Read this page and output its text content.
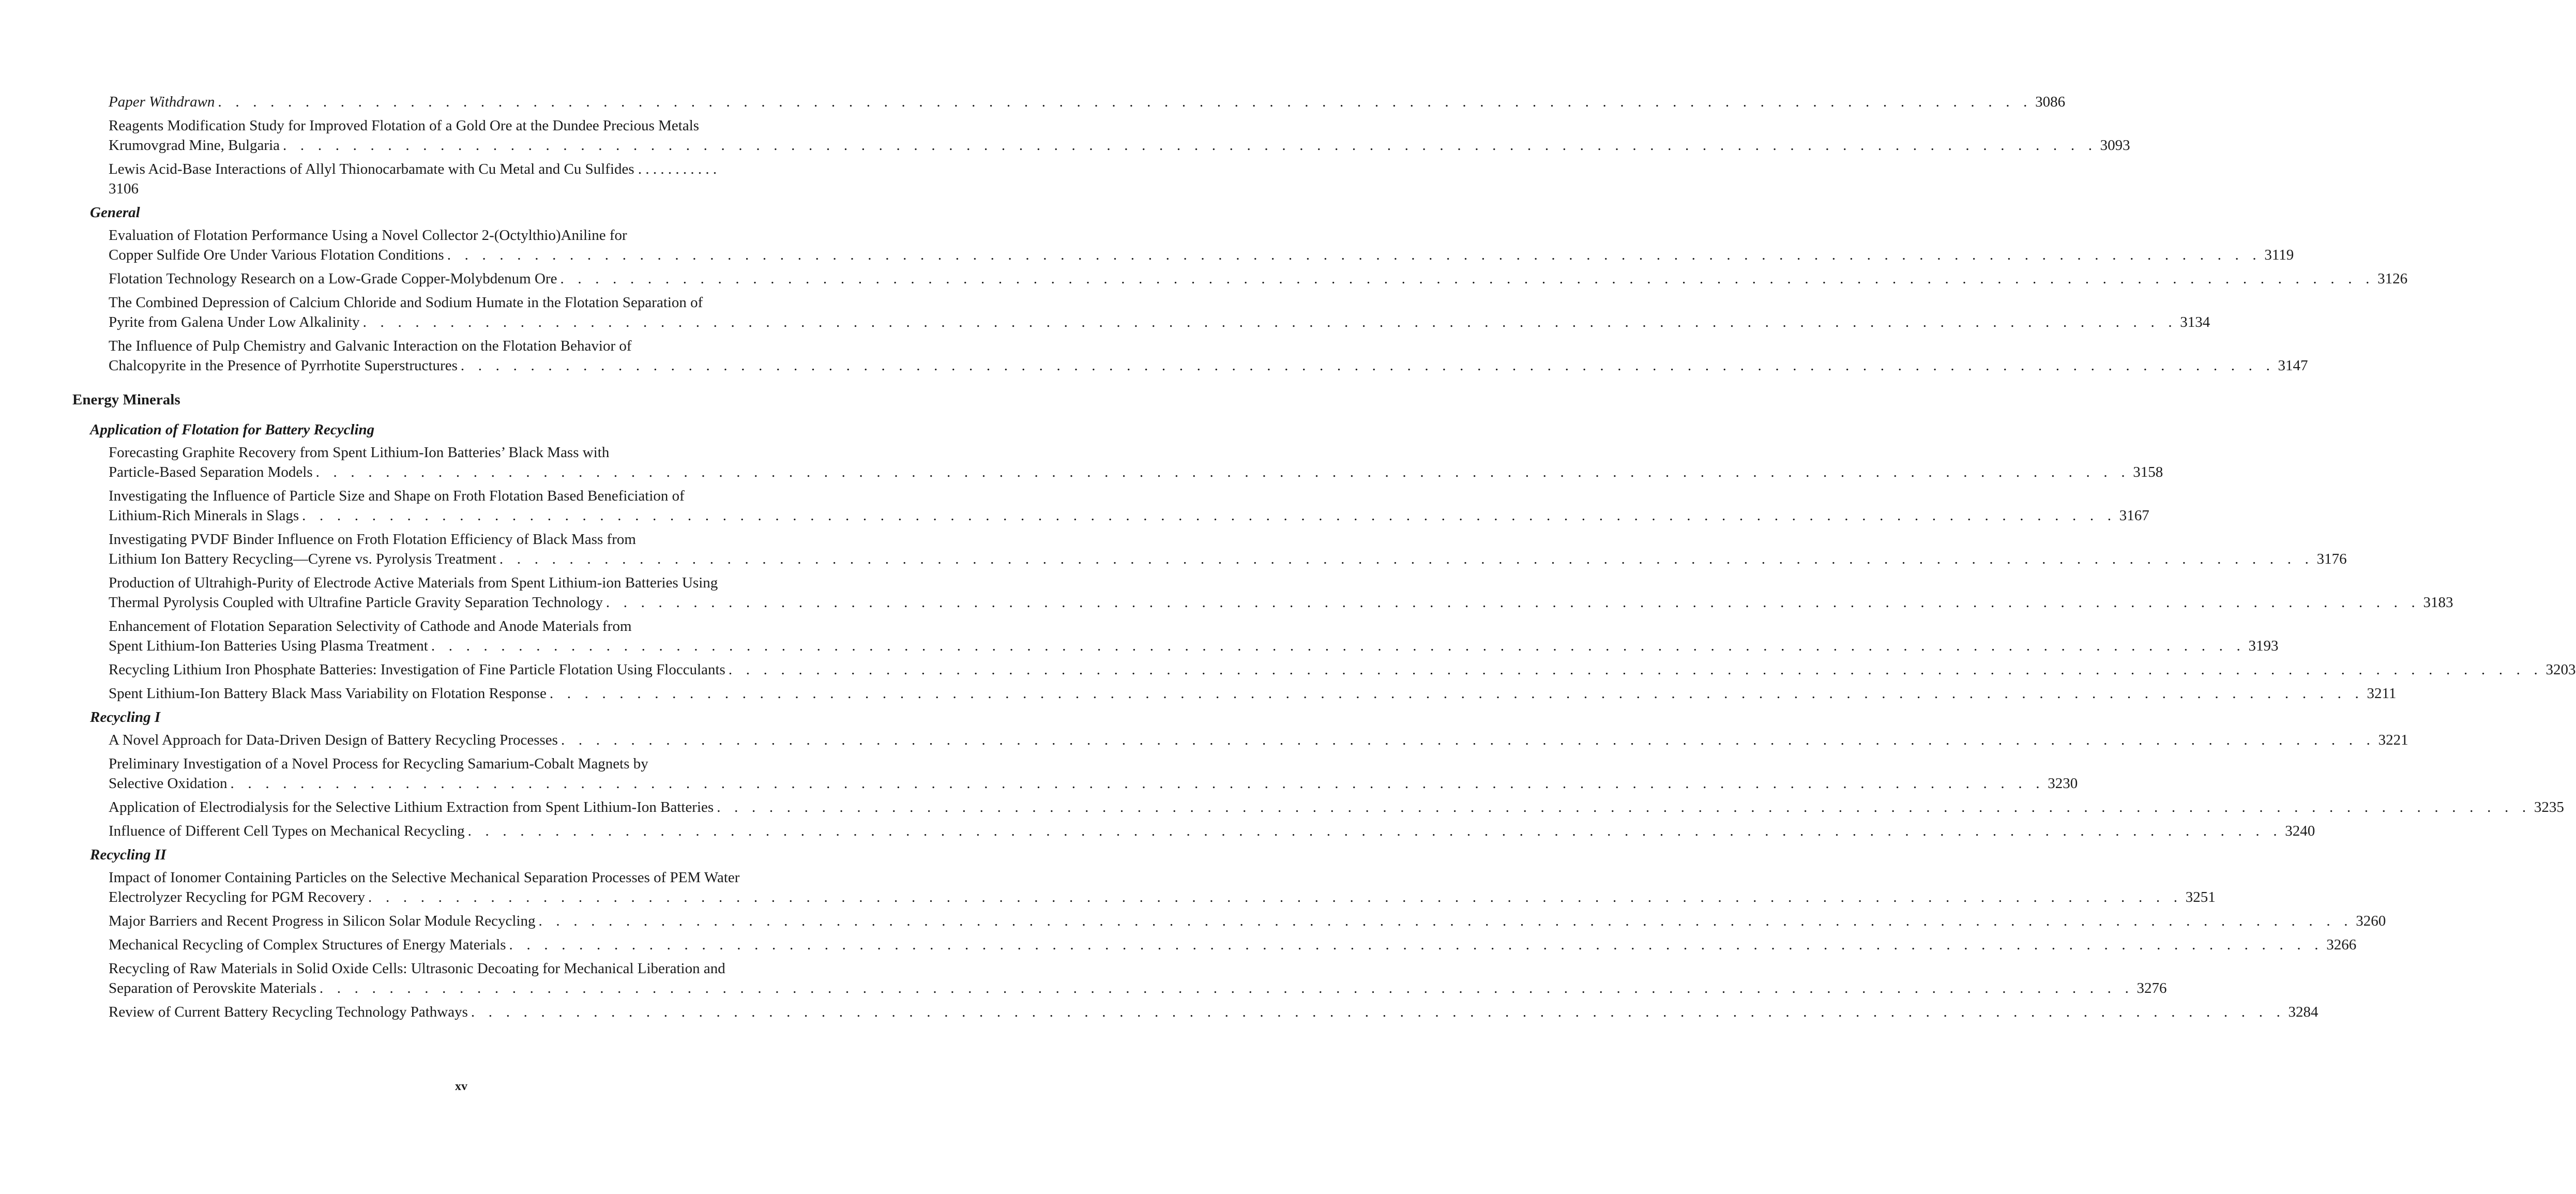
Paper Withdrawn . . . . . . . . . . . . . . . . . . . . . . . . . . . . . . . . . . . . . . . . . . . . . . . . . . . . . . . . . . . . . . . . . . . . . . . . . . . . . . . . . . . . . . . . . . . . . . . . . . . . . . . . 3086
Reagents Modification Study for Improved Flotation of a Gold Ore at the Dundee Precious Metals
Krumovgrad Mine, Bulgaria . . . . . . . . . . . . . . . . . . . . . . . . . . . . . . . . . . . . . . . . . . . . . . . . . . . . . . . . . . . . . . . . . . . . . . . . . . . . . . . . . . . . . . . . . . . . . . . . . . . . . . . . 3093
Lewis Acid-Base Interactions of Allyl Thionocarbamate with Cu Metal and Cu Sulfides . . . . . . . . . . .
3106
General
Evaluation of Flotation Performance Using a Novel Collector 2-(Octylthio)Aniline for
Copper Sulfide Ore Under Various Flotation Conditions . . . . . . . . . . . . . . . . . . . . . . . . . . . . . . . . . . . . . . . . . . . . . . . . . . . . . . . . . . . . . . . . . . . . . . . . . . . . . . . . . . . . . . . . . . . . . . . . . . . . . . . . 3119
Flotation Technology Research on a Low-Grade Copper-Molybdenum Ore . . . . . . . . . . . . . . . . . . . . . . . . . . . . . . . . . . . . . . . . . . . . . . . . . . . . . . . . . . . . . . . . . . . . . . . . . . . . . . . . . . . . . . . . . . . . . . . . . . . . . . . . 3126
The Combined Depression of Calcium Chloride and Sodium Humate in the Flotation Separation of
Pyrite from Galena Under Low Alkalinity . . . . . . . . . . . . . . . . . . . . . . . . . . . . . . . . . . . . . . . . . . . . . . . . . . . . . . . . . . . . . . . . . . . . . . . . . . . . . . . . . . . . . . . . . . . . . . . . . . . . . . . . 3134
The Influence of Pulp Chemistry and Galvanic Interaction on the Flotation Behavior of
Chalcopyrite in the Presence of Pyrrhotite Superstructures . . . . . . . . . . . . . . . . . . . . . . . . . . . . . . . . . . . . . . . . . . . . . . . . . . . . . . . . . . . . . . . . . . . . . . . . . . . . . . . . . . . . . . . . . . . . . . . . . . . . . . . . 3147
Energy Minerals
Application of Flotation for Battery Recycling
Forecasting Graphite Recovery from Spent Lithium-Ion Batteries’ Black Mass with
Particle-Based Separation Models . . . . . . . . . . . . . . . . . . . . . . . . . . . . . . . . . . . . . . . . . . . . . . . . . . . . . . . . . . . . . . . . . . . . . . . . . . . . . . . . . . . . . . . . . . . . . . . . . . . . . . . . 3158
Investigating the Influence of Particle Size and Shape on Froth Flotation Based Beneficiation of
Lithium-Rich Minerals in Slags . . . . . . . . . . . . . . . . . . . . . . . . . . . . . . . . . . . . . . . . . . . . . . . . . . . . . . . . . . . . . . . . . . . . . . . . . . . . . . . . . . . . . . . . . . . . . . . . . . . . . . . . 3167
Investigating PVDF Binder Influence on Froth Flotation Efficiency of Black Mass from
Lithium Ion Battery Recycling—Cyrene vs. Pyrolysis Treatment . . . . . . . . . . . . . . . . . . . . . . . . . . . . . . . . . . . . . . . . . . . . . . . . . . . . . . . . . . . . . . . . . . . . . . . . . . . . . . . . . . . . . . . . . . . . . . . . . . . . . . . . 3176
Production of Ultrahigh-Purity of Electrode Active Materials from Spent Lithium-ion Batteries Using
Thermal Pyrolysis Coupled with Ultrafine Particle Gravity Separation Technology . . . . . . . . . . . . . . . . . . . . . . . . . . . . . . . . . . . . . . . . . . . . . . . . . . . . . . . . . . . . . . . . . . . . . . . . . . . . . . . . . . . . . . . . . . . . . . . . . . . . . . . . 3183
Enhancement of Flotation Separation Selectivity of Cathode and Anode Materials from
Spent Lithium-Ion Batteries Using Plasma Treatment . . . . . . . . . . . . . . . . . . . . . . . . . . . . . . . . . . . . . . . . . . . . . . . . . . . . . . . . . . . . . . . . . . . . . . . . . . . . . . . . . . . . . . . . . . . . . . . . . . . . . . . . 3193
Recycling Lithium Iron Phosphate Batteries: Investigation of Fine Particle Flotation Using Flocculants . . . . . . . . . . . . . . . . . . . . . . . . . . . . . . . . . . . . . . . . . . . . . . . . . . . . . . . . . . . . . . . . . . . . . . . . . . . . . . . . . . . . . . . . . . . . . . . . . . . . . . . . 3203
Spent Lithium-Ion Battery Black Mass Variability on Flotation Response . . . . . . . . . . . . . . . . . . . . . . . . . . . . . . . . . . . . . . . . . . . . . . . . . . . . . . . . . . . . . . . . . . . . . . . . . . . . . . . . . . . . . . . . . . . . . . . . . . . . . . . . 3211
Recycling I
A Novel Approach for Data-Driven Design of Battery Recycling Processes . . . . . . . . . . . . . . . . . . . . . . . . . . . . . . . . . . . . . . . . . . . . . . . . . . . . . . . . . . . . . . . . . . . . . . . . . . . . . . . . . . . . . . . . . . . . . . . . . . . . . . . . 3221
Preliminary Investigation of a Novel Process for Recycling Samarium-Cobalt Magnets by
Selective Oxidation . . . . . . . . . . . . . . . . . . . . . . . . . . . . . . . . . . . . . . . . . . . . . . . . . . . . . . . . . . . . . . . . . . . . . . . . . . . . . . . . . . . . . . . . . . . . . . . . . . . . . . . . 3230
Application of Electrodialysis for the Selective Lithium Extraction from Spent Lithium-Ion Batteries . . . . . . . . . . . . . . . . . . . . . . . . . . . . . . . . . . . . . . . . . . . . . . . . . . . . . . . . . . . . . . . . . . . . . . . . . . . . . . . . . . . . . . . . . . . . . . . . . . . . . . . . 3235
Influence of Different Cell Types on Mechanical Recycling . . . . . . . . . . . . . . . . . . . . . . . . . . . . . . . . . . . . . . . . . . . . . . . . . . . . . . . . . . . . . . . . . . . . . . . . . . . . . . . . . . . . . . . . . . . . . . . . . . . . . . . . 3240
Recycling II
Impact of Ionomer Containing Particles on the Selective Mechanical Separation Processes of PEM Water
Electrolyzer Recycling for PGM Recovery . . . . . . . . . . . . . . . . . . . . . . . . . . . . . . . . . . . . . . . . . . . . . . . . . . . . . . . . . . . . . . . . . . . . . . . . . . . . . . . . . . . . . . . . . . . . . . . . . . . . . . . . 3251
Major Barriers and Recent Progress in Silicon Solar Module Recycling . . . . . . . . . . . . . . . . . . . . . . . . . . . . . . . . . . . . . . . . . . . . . . . . . . . . . . . . . . . . . . . . . . . . . . . . . . . . . . . . . . . . . . . . . . . . . . . . . . . . . . . . 3260
Mechanical Recycling of Complex Structures of Energy Materials . . . . . . . . . . . . . . . . . . . . . . . . . . . . . . . . . . . . . . . . . . . . . . . . . . . . . . . . . . . . . . . . . . . . . . . . . . . . . . . . . . . . . . . . . . . . . . . . . . . . . . . . 3266
Recycling of Raw Materials in Solid Oxide Cells: Ultrasonic Decoating for Mechanical Liberation and
Separation of Perovskite Materials . . . . . . . . . . . . . . . . . . . . . . . . . . . . . . . . . . . . . . . . . . . . . . . . . . . . . . . . . . . . . . . . . . . . . . . . . . . . . . . . . . . . . . . . . . . . . . . . . . . . . . . . 3276
Review of Current Battery Recycling Technology Pathways . . . . . . . . . . . . . . . . . . . . . . . . . . . . . . . . . . . . . . . . . . . . . . . . . . . . . . . . . . . . . . . . . . . . . . . . . . . . . . . . . . . . . . . . . . . . . . . . . . . . . . . . 3284
xv
